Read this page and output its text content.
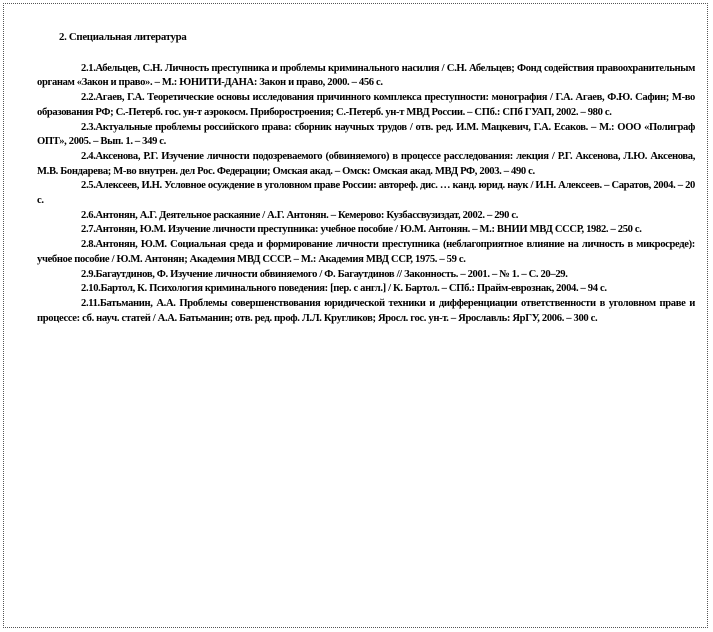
2. Специальная литература

2.1.Абельцев, С.Н. Личность преступника и проблемы криминального насилия / С.Н. Абельцев; Фонд содействия правоохранительным органам «Закон и право». – М.: ЮНИТИ-ДАНА: Закон и право, 2000. – 456 с.

2.2.Агаев, Г.А. Теоретические основы исследования причинного комплекса преступности: монография / Г.А. Агаев, Ф.Ю. Сафин; М-во образования РФ; С.-Петерб. гос. ун-т аэрокосм. Приборостроения; С.-Петерб. ун-т МВД России. – СПб.: СПб ГУАП, 2002. – 980 с.

2.3.Актуальные проблемы российского права: сборник научных трудов / отв. ред. И.М. Мацкевич, Г.А. Есаков. – М.: ООО «Полиграф ОПТ», 2005. – Вып. 1. – 349 с.

2.4.Аксенова, Р.Г. Изучение личности подозреваемого (обвиняемого) в процессе расследования: лекция / Р.Г. Аксенова, Л.Ю. Аксенова, М.В. Бондарева; М-во внутрен. дел Рос. Федерации; Омская акад. – Омск: Омская акад. МВД РФ, 2003. – 490 с.

2.5.Алексеев, И.Н. Условное осуждение в уголовном праве России: автореф. дис. … канд. юрид. наук / И.Н. Алексеев. – Саратов, 2004. – 20 с.

2.6.Антонян, А.Г. Деятельное раскаяние / А.Г. Антонян. – Кемерово: Кузбассвузиздат, 2002. – 290 с.

2.7.Антонян, Ю.М. Изучение личности преступника: учебное пособие / Ю.М. Антонян. – М.: ВНИИ МВД СССР, 1982. – 250 с.

2.8.Антонян, Ю.М. Социальная среда и формирование личности преступника (неблагоприятное влияние на личность в микросреде): учебное пособие / Ю.М. Антонян; Академия МВД СССР. – М.: Академия МВД ССР, 1975. – 59 с.

2.9.Багаутдинов, Ф. Изучение личности обвиняемого / Ф. Багаутдинов // Законность. – 2001. – № 1. – С. 20–29.

2.10.Бартол, К. Психология криминального поведения: [пер. с англ.] / К. Бартол. – СПб.: Прайм-еврознак, 2004. – 94 с.

2.11.Батьманин, А.А. Проблемы совершенствования юридической техники и дифференциации ответственности в уголовном праве и процессе: сб. науч. статей / А.А. Батьманин; отв. ред. проф. Л.Л. Кругликов; Яросл. гос. ун-т. – Ярославль: ЯрГУ, 2006. – 300 с.
